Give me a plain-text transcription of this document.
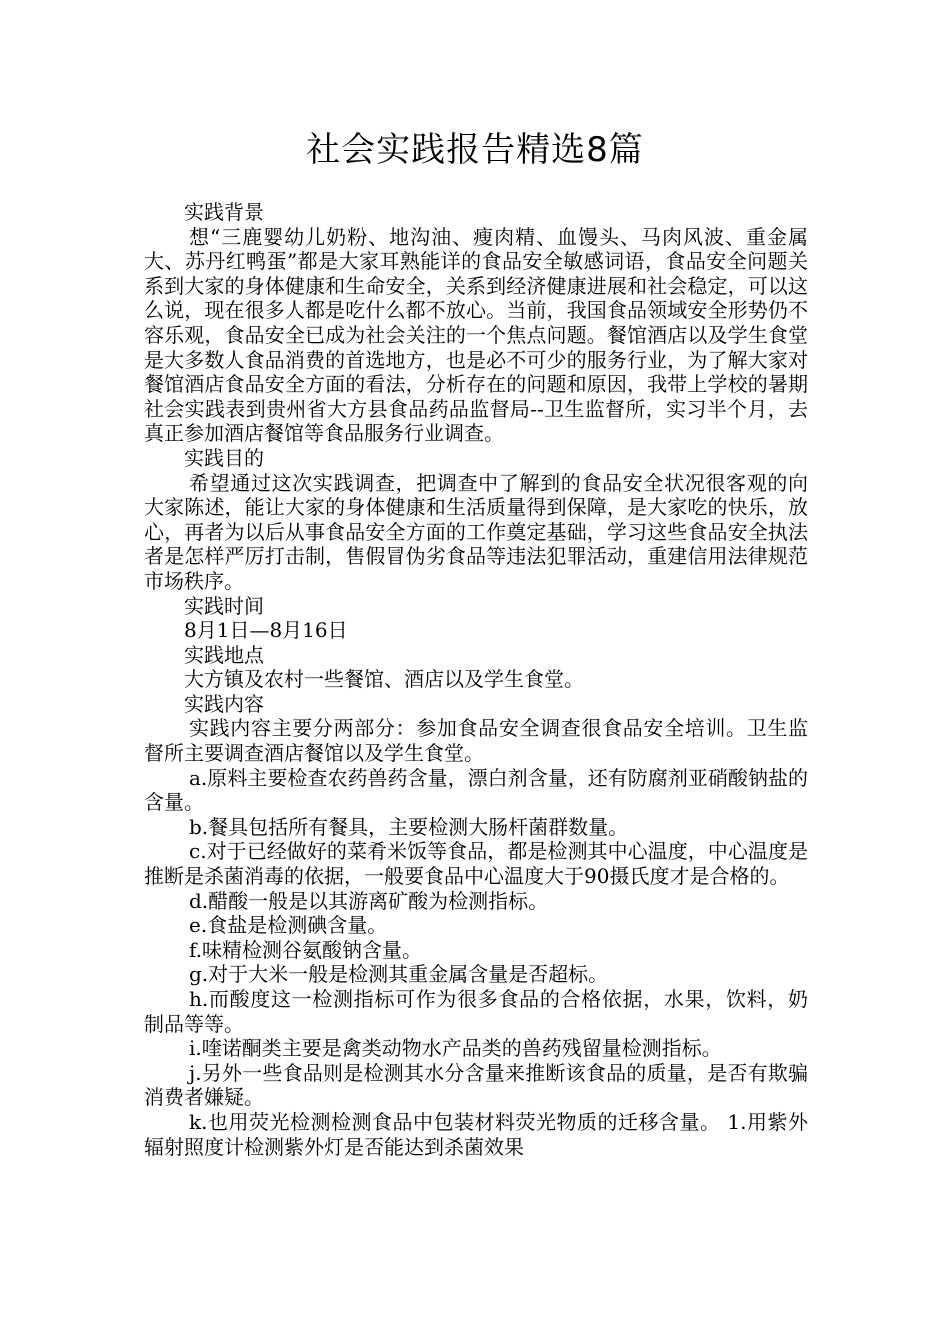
社会实践报告精选8篇

实践背景

想“三鹿婴幼儿奶粉、地沟油、瘦肉精、血馒头、马肉风波、重金属大、苏丹红鸭蛋”都是大家耳熟能详的食品安全敏感词语，食品安全问题关系到大家的身体健康和生命安全，关系到经济健康进展和社会稳定，可以这么说，现在很多人都是吃什么都不放心。当前，我国食品领域安全形势仍不容乐观，食品安全已成为社会关注的一个焦点问题。餐馆酒店以及学生食堂是大多数人食品消费的首选地方，也是必不可少的服务行业，为了解大家对餐馆酒店食品安全方面的看法，分析存在的问题和原因，我带上学校的暑期社会实践表到贵州省大方县食品药品监督局--卫生监督所，实习半个月，去真正参加酒店餐馆等食品服务行业调查。

实践目的

希望通过这次实践调查，把调查中了解到的食品安全状况很客观的向大家陈述，能让大家的身体健康和生活质量得到保障，是大家吃的快乐，放心，再者为以后从事食品安全方面的工作奠定基础，学习这些食品安全执法者是怎样严厉打击制，售假冒伪劣食品等违法犯罪活动，重建信用法律规范市场秩序。

实践时间

8月1日—8月16日

实践地点

大方镇及农村一些餐馆、酒店以及学生食堂。

实践内容

实践内容主要分两部分：参加食品安全调查很食品安全培训。卫生监督所主要调查酒店餐馆以及学生食堂。

a.原料主要检查农药兽药含量，漂白剂含量，还有防腐剂亚硝酸钠盐的含量。

b.餐具包括所有餐具，主要检测大肠杆菌群数量。

c.对于已经做好的菜肴米饭等食品，都是检测其中心温度，中心温度是推断是杀菌消毒的依据，一般要食品中心温度大于90摄氏度才是合格的。

d.醋酸一般是以其游离矿酸为检测指标。

e.食盐是检测碘含量。

f.味精检测谷氨酸钠含量。

g.对于大米一般是检测其重金属含量是否超标。

h.而酸度这一检测指标可作为很多食品的合格依据，水果，饮料，奶制品等等。

i.喹诺酮类主要是禽类动物水产品类的兽药残留量检测指标。

j.另外一些食品则是检测其水分含量来推断该食品的质量，是否有欺骗消费者嫌疑。

k.也用荧光检测检测食品中包装材料荧光物质的迁移含量。 1.用紫外辐射照度计检测紫外灯是否能达到杀菌效果
